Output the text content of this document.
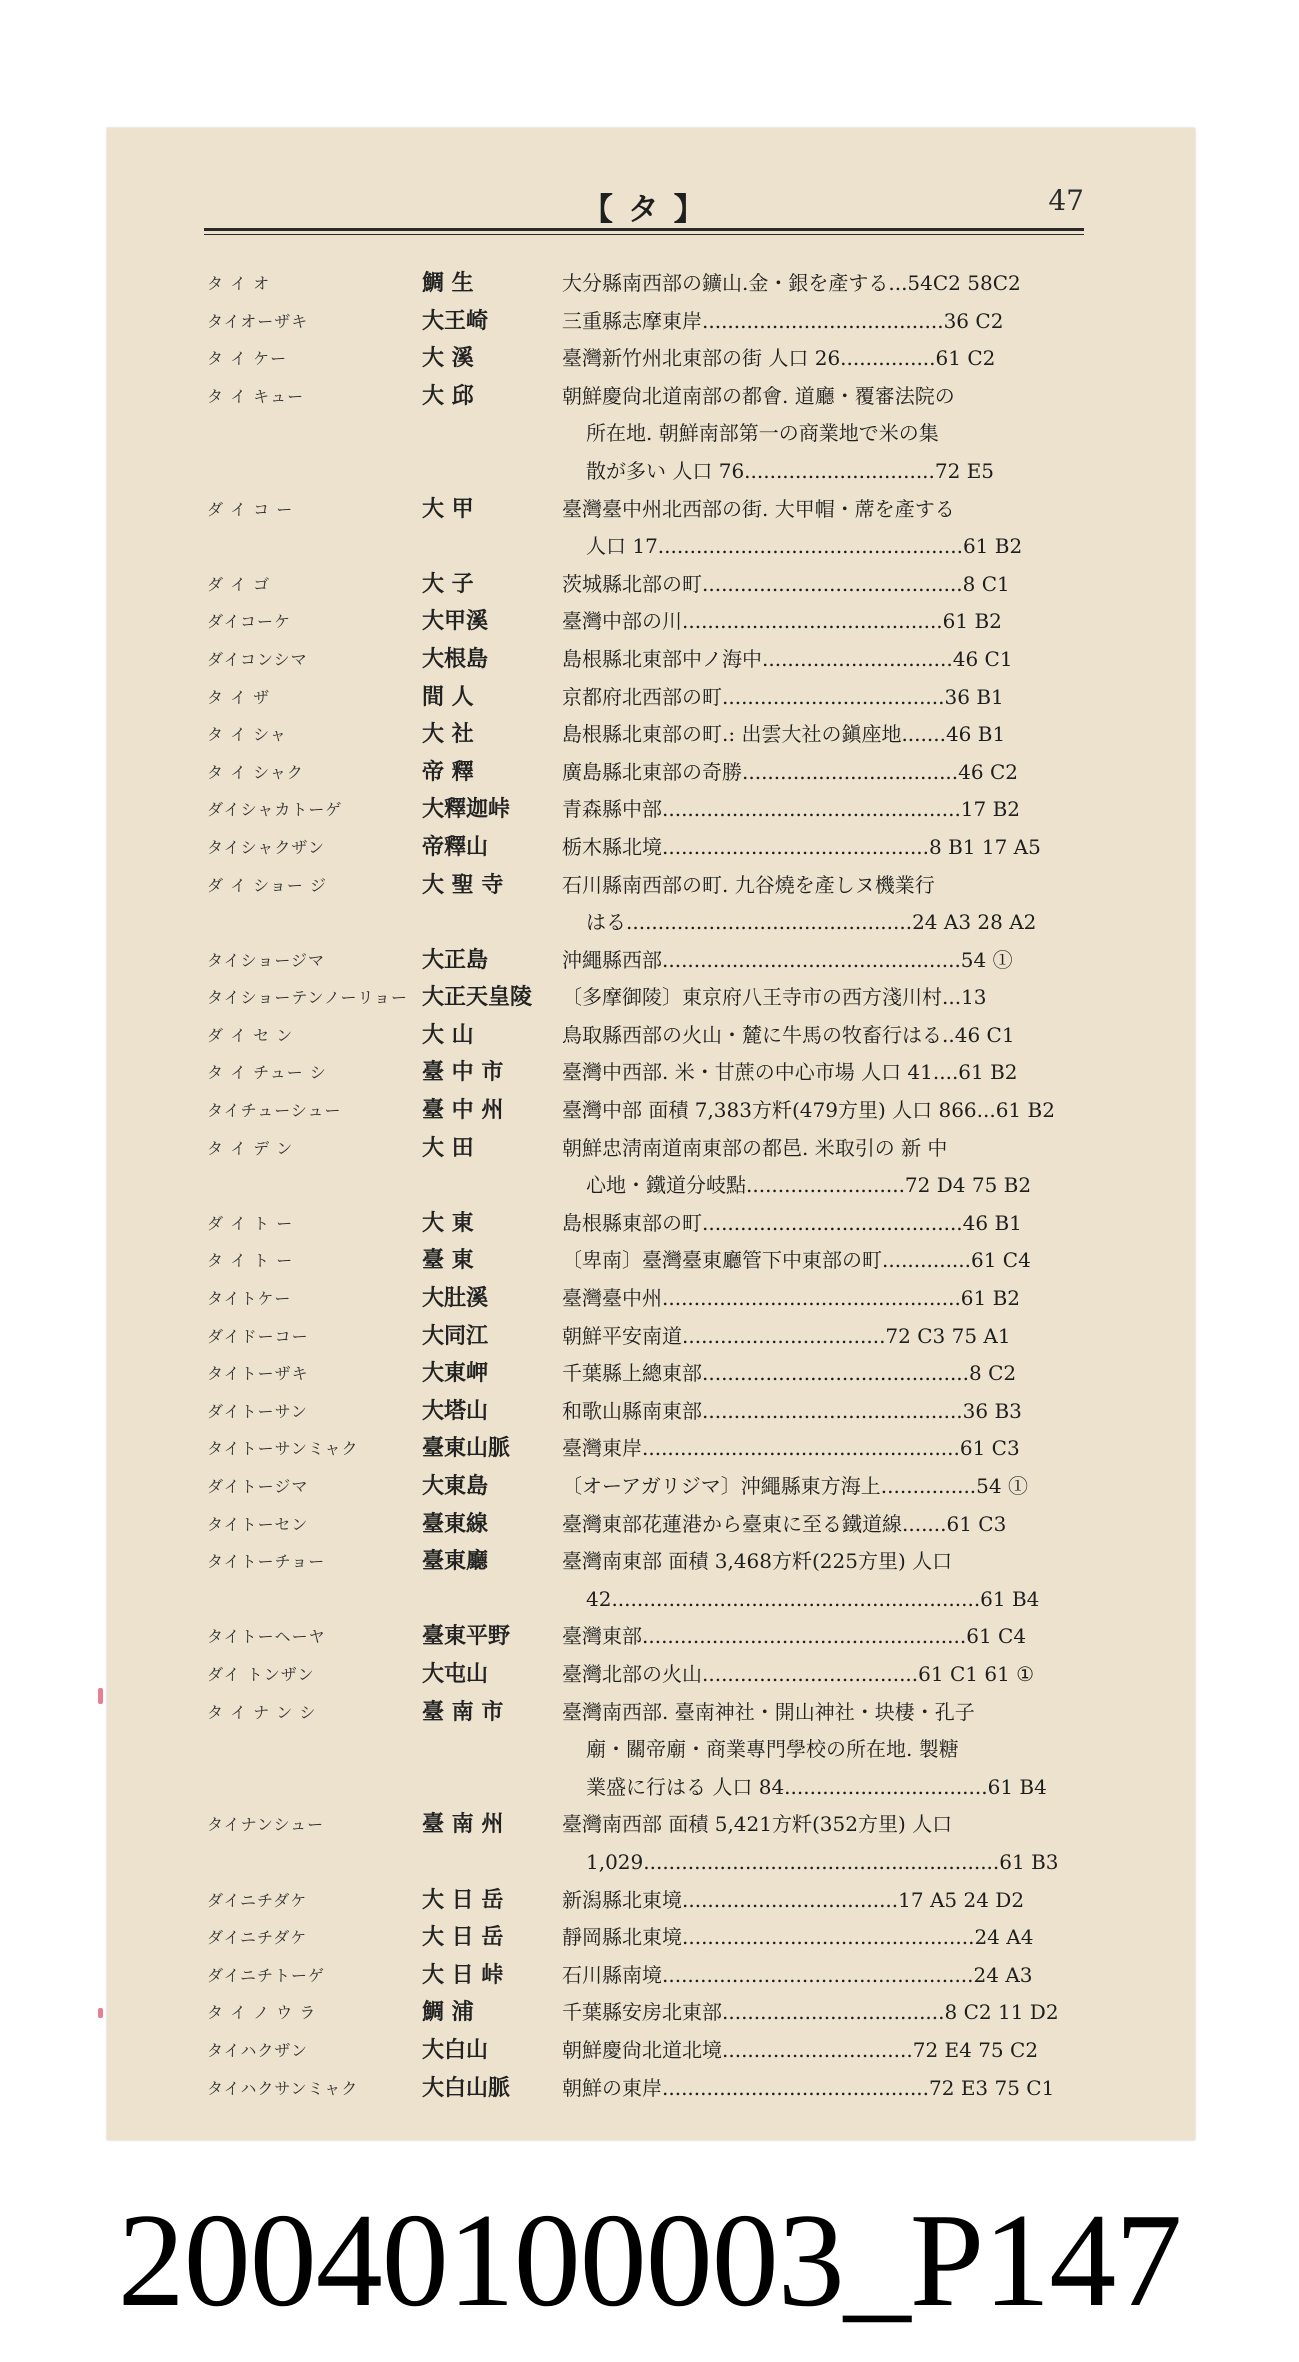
【 タ 】	47
タ イ オ	鯛 生	大分縣南西部の鑛山.金・銀を產する...54C2 58C2
タイオーザキ	大王崎	三重縣志摩東岸......................................36 C2
タ イ ケー	大 溪	臺灣新竹州北東部の街 人口 26...............61 C2
タ イ キュー	大 邱	朝鮮慶尙北道南部の都會. 道廳・覆審法院の
所在地. 朝鮮南部第一の商業地で米の集
散が多い 人口 76..............................72 E5
ダ イ コ ー	大 甲	臺灣臺中州北西部の街. 大甲帽・蓆を產する
人口 17................................................61 B2
ダ イ ゴ	大 子	茨城縣北部の町.........................................8 C1
ダイコーケ	大甲溪	臺灣中部の川.........................................61 B2
ダイコンシマ	大根島	島根縣北東部中ノ海中..............................46 C1
タ イ ザ	間 人	京都府北西部の町...................................36 B1
タ イ シャ	大 社	島根縣北東部の町.: 出雲大社の鎭座地.......46 B1
タ イ シャク	帝 釋	廣島縣北東部の奇勝..................................46 C2
ダイシャカトーゲ	大釋迦峠	青森縣中部...............................................17 B2
タイシャクザン	帝釋山	栃木縣北境..........................................8 B1 17 A5
ダ イ ショー ジ	大 聖 寺	石川縣南西部の町. 九谷燒を產しヌ機業行
はる.............................................24 A3 28 A2
タイショージマ	大正島	沖繩縣西部...............................................54 ①
タイショーテンノーリョー 大正天皇陵	〔多摩御陵〕東京府八王寺市の西方淺川村...13
ダ イ セ ン	大 山	鳥取縣西部の火山・麓に牛馬の牧畜行はる..46 C1
タ イ チュー シ	臺 中 市	臺灣中西部. 米・甘蔗の中心市場 人口 41....61 B2
タイチューシュー	臺 中 州	臺灣中部 面積 7,383方粁(479方里) 人口 866...61 B2
タ イ デ ン	大 田	朝鮮忠淸南道南東部の都邑. 米取引の 新 中
心地・鐵道分岐點.........................72 D4 75 B2
ダ イ ト ー	大 東	島根縣東部の町.........................................46 B1
タ イ ト ー	臺 東	〔卑南〕臺灣臺東廳管下中東部の町..............61 C4
タイトケー	大肚溪	臺灣臺中州...............................................61 B2
ダイドーコー	大同江	朝鮮平安南道................................72 C3 75 A1
タイトーザキ	大東岬	千葉縣上總東部..........................................8 C2
ダイトーサン	大塔山	和歌山縣南東部.........................................36 B3
タイトーサンミャク	臺東山脈	臺灣東岸..................................................61 C3
ダイトージマ	大東島	〔オーアガリジマ〕沖繩縣東方海上...............54 ①
タイトーセン	臺東線	臺灣東部花蓮港から臺東に至る鐵道線.......61 C3
タイトーチョー	臺東廳	臺灣南東部 面積 3,468方粁(225方里) 人口
42..........................................................61 B4
タイトーヘーヤ	臺東平野	臺灣東部...................................................61 C4
ダイ トンザン	大屯山	臺灣北部の火山..................................61 C1 61 ①
タ イ ナ ン シ	臺 南 市	臺灣南西部. 臺南神社・開山神社・块棲・孔子
廟・關帝廟・商業專門學校の所在地. 製糖
業盛に行はる 人口 84................................61 B4
タイナンシュー	臺 南 州	臺灣南西部 面積 5,421方粁(352方里) 人口
1,029........................................................61 B3
ダイニチダケ	大 日 岳	新潟縣北東境..................................17 A5 24 D2
ダイニチダケ	大 日 岳	靜岡縣北東境..............................................24 A4
ダイニチトーゲ	大 日 峠	石川縣南境.................................................24 A3
タ イ ノ ウ ラ	鯛 浦	千葉縣安房北東部...................................8 C2 11 D2
タイハクザン	大白山	朝鮮慶尙北道北境..............................72 E4 75 C2
タイハクサンミャク	大白山脈	朝鮮の東岸..........................................72 E3 75 C1
20040100003_P147
